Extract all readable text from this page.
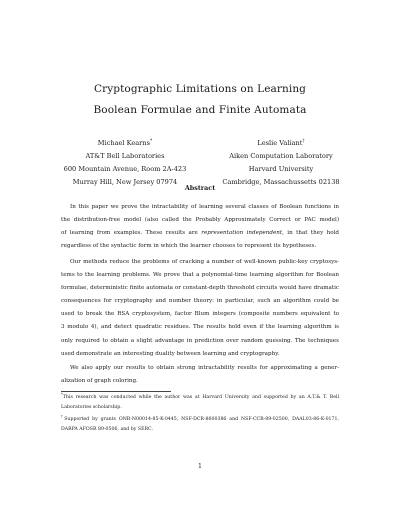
Cryptographic Limitations on Learning
Boolean Formulae and Finite Automata
Michael Kearns*
AT&T Bell Laboratories
600 Mountain Avenue, Room 2A-423
Murray Hill, New Jersey 07974
Leslie Valiant†
Aiken Computation Laboratory
Harvard University
Cambridge, Massachussetts 02138
Abstract
In this paper we prove the intractability of learning several classes of Boolean functions in
the distribution-free model (also called the Probably Approximately Correct or PAC model)
of learning from examples. These results are representation independent, in that they hold
regardless of the syntactic form in which the learner chooses to represent its hypotheses.
Our methods reduce the problems of cracking a number of well-known public-key cryptosys-
tems to the learning problems. We prove that a polynomial-time learning algorithm for Boolean
formulae, deterministic finite automata or constant-depth threshold circuits would have dramatic
consequences for cryptography and number theory: in particular, such an algorithm could be
used to break the RSA cryptosystem, factor Blum integers (composite numbers equivalent to
3 modulo 4), and detect quadratic residues. The results hold even if the learning algorithm is
only required to obtain a slight advantage in prediction over random guessing. The techniques
used demonstrate an interesting duality between learning and cryptography.
We also apply our results to obtain strong intractability results for approximating a gener-
alization of graph coloring.
*This research was conducted while the author was at Harvard University and supported by an A.T.& T. Bell
Laboratories scholarship.
†Supported by grants ONR-N00014-85-K-0445, NSF-DCR-8600386 and NSF-CCR-89-02500, DAAL03-86-K-0171,
DARPA AFOSR 89-0506, and by SERC.
1
